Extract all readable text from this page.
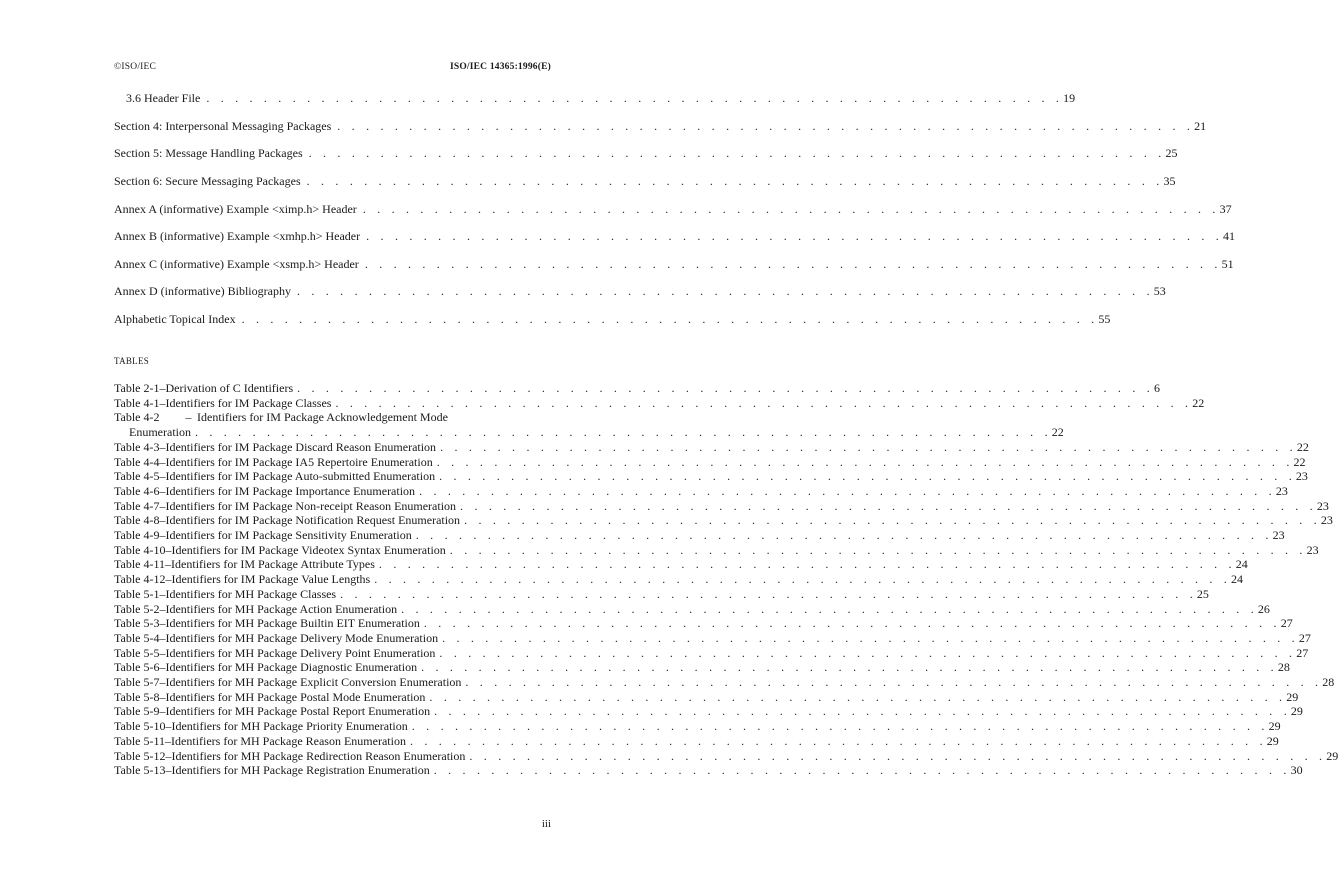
©ISO/IEC	ISO/IEC 14365:1996(E)
3.6 Header File . . . . . . . . . . . . . . . . . . . . . . . . . . . . . . . . . . . . . . . . . . . . . . . . . . . . . . . . . . . . 19
Section 4: Interpersonal Messaging Packages . . . . . . . . . . . . . . . . . . . . . . . . . . . . . . . . . . . . . . . . . . . . . . . . . . . . . . . . . . . . 21
Section 5: Message Handling Packages . . . . . . . . . . . . . . . . . . . . . . . . . . . . . . . . . . . . . . . . . . . . . . . . . . . . . . . . . . . . 25
Section 6: Secure Messaging Packages . . . . . . . . . . . . . . . . . . . . . . . . . . . . . . . . . . . . . . . . . . . . . . . . . . . . . . . . . . . . 35
Annex A (informative) Example <ximp.h> Header . . . . . . . . . . . . . . . . . . . . . . . . . . . . . . . . . . . . . . . . . . . . . . . . . . . . . . . . . . . . 37
Annex B (informative) Example <xmhp.h> Header . . . . . . . . . . . . . . . . . . . . . . . . . . . . . . . . . . . . . . . . . . . . . . . . . . . . . . . . . . . . 41
Annex C (informative) Example <xsmp.h> Header . . . . . . . . . . . . . . . . . . . . . . . . . . . . . . . . . . . . . . . . . . . . . . . . . . . . . . . . . . . . 51
Annex D (informative) Bibliography . . . . . . . . . . . . . . . . . . . . . . . . . . . . . . . . . . . . . . . . . . . . . . . . . . . . . . . . . . . . 53
Alphabetic Topical Index . . . . . . . . . . . . . . . . . . . . . . . . . . . . . . . . . . . . . . . . . . . . . . . . . . . . . . . . . . . . 55
TABLES
Table 2-1 – Derivation of C Identifiers . . . . . . . . . . . . . . . . . . . . . . . . . . . . . . . . . . . . . . . . . . . . . . . . . . . . . . . . . . . . 6
Table 4-1 – Identifiers for IM Package Classes . . . . . . . . . . . . . . . . . . . . . . . . . . . . . . . . . . . . . . . . . . . . . . . . . . . . . . . . . . . . 22
Table 4-2	– Identifiers for IM Package Acknowledgement Mode
Enumeration . . . . . . . . . . . . . . . . . . . . . . . . . . . . . . . . . . . . . . . . . . . . . . . . . . . . . . . . . . . . 22
Table 4-3 – Identifiers for IM Package Discard Reason Enumeration . . . . . . . . . . . . . . . . . . . . . . . . . . . . . . . . . . . . . . . . . . . . . . . . . . . . . . . . . . . . 22
Table 4-4 – Identifiers for IM Package IA5 Repertoire Enumeration . . . . . . . . . . . . . . . . . . . . . . . . . . . . . . . . . . . . . . . . . . . . . . . . . . . . . . . . . . . . 22
Table 4-5 – Identifiers for IM Package Auto-submitted Enumeration . . . . . . . . . . . . . . . . . . . . . . . . . . . . . . . . . . . . . . . . . . . . . . . . . . . . . . . . . . . . 23
Table 4-6 – Identifiers for IM Package Importance Enumeration . . . . . . . . . . . . . . . . . . . . . . . . . . . . . . . . . . . . . . . . . . . . . . . . . . . . . . . . . . . . 23
Table 4-7 – Identifiers for IM Package Non-receipt Reason Enumeration . . . . . . . . . . . . . . . . . . . . . . . . . . . . . . . . . . . . . . . . . . . . . . . . . . . . . . . . . . . . 23
Table 4-8 – Identifiers for IM Package Notification Request Enumeration . . . . . . . . . . . . . . . . . . . . . . . . . . . . . . . . . . . . . . . . . . . . . . . . . . . . . . . . . . . . 23
Table 4-9 – Identifiers for IM Package Sensitivity Enumeration . . . . . . . . . . . . . . . . . . . . . . . . . . . . . . . . . . . . . . . . . . . . . . . . . . . . . . . . . . . . 23
Table 4-10 – Identifiers for IM Package Videotex Syntax Enumeration . . . . . . . . . . . . . . . . . . . . . . . . . . . . . . . . . . . . . . . . . . . . . . . . . . . . . . . . . . . . 23
Table 4-11 – Identifiers for IM Package Attribute Types . . . . . . . . . . . . . . . . . . . . . . . . . . . . . . . . . . . . . . . . . . . . . . . . . . . . . . . . . . . . 24
Table 4-12 – Identifiers for IM Package Value Lengths . . . . . . . . . . . . . . . . . . . . . . . . . . . . . . . . . . . . . . . . . . . . . . . . . . . . . . . . . . . . 24
Table 5-1 – Identifiers for MH Package Classes . . . . . . . . . . . . . . . . . . . . . . . . . . . . . . . . . . . . . . . . . . . . . . . . . . . . . . . . . . . . 25
Table 5-2 – Identifiers for MH Package Action Enumeration . . . . . . . . . . . . . . . . . . . . . . . . . . . . . . . . . . . . . . . . . . . . . . . . . . . . . . . . . . . . 26
Table 5-3 – Identifiers for MH Package Builtin EIT Enumeration . . . . . . . . . . . . . . . . . . . . . . . . . . . . . . . . . . . . . . . . . . . . . . . . . . . . . . . . . . . . 27
Table 5-4 – Identifiers for MH Package Delivery Mode Enumeration . . . . . . . . . . . . . . . . . . . . . . . . . . . . . . . . . . . . . . . . . . . . . . . . . . . . . . . . . . . . 27
Table 5-5 – Identifiers for MH Package Delivery Point Enumeration . . . . . . . . . . . . . . . . . . . . . . . . . . . . . . . . . . . . . . . . . . . . . . . . . . . . . . . . . . . . 27
Table 5-6 – Identifiers for MH Package Diagnostic Enumeration . . . . . . . . . . . . . . . . . . . . . . . . . . . . . . . . . . . . . . . . . . . . . . . . . . . . . . . . . . . . 28
Table 5-7 – Identifiers for MH Package Explicit Conversion Enumeration . . . . . . . . . . . . . . . . . . . . . . . . . . . . . . . . . . . . . . . . . . . . . . . . . . . . . . . . . . . . 28
Table 5-8 – Identifiers for MH Package Postal Mode Enumeration . . . . . . . . . . . . . . . . . . . . . . . . . . . . . . . . . . . . . . . . . . . . . . . . . . . . . . . . . . . . 29
Table 5-9 – Identifiers for MH Package Postal Report Enumeration . . . . . . . . . . . . . . . . . . . . . . . . . . . . . . . . . . . . . . . . . . . . . . . . . . . . . . . . . . . . 29
Table 5-10 – Identifiers for MH Package Priority Enumeration . . . . . . . . . . . . . . . . . . . . . . . . . . . . . . . . . . . . . . . . . . . . . . . . . . . . . . . . . . . . 29
Table 5-11 – Identifiers for MH Package Reason Enumeration . . . . . . . . . . . . . . . . . . . . . . . . . . . . . . . . . . . . . . . . . . . . . . . . . . . . . . . . . . . . 29
Table 5-12 – Identifiers for MH Package Redirection Reason Enumeration . . . . . . . . . . . . . . . . . . . . . . . . . . . . . . . . . . . . . . . . . . . . . . . . . . . . . . . . . . . . 29
Table 5-13 – Identifiers for MH Package Registration Enumeration . . . . . . . . . . . . . . . . . . . . . . . . . . . . . . . . . . . . . . . . . . . . . . . . . . . . . . . . . . . . 30
iii
